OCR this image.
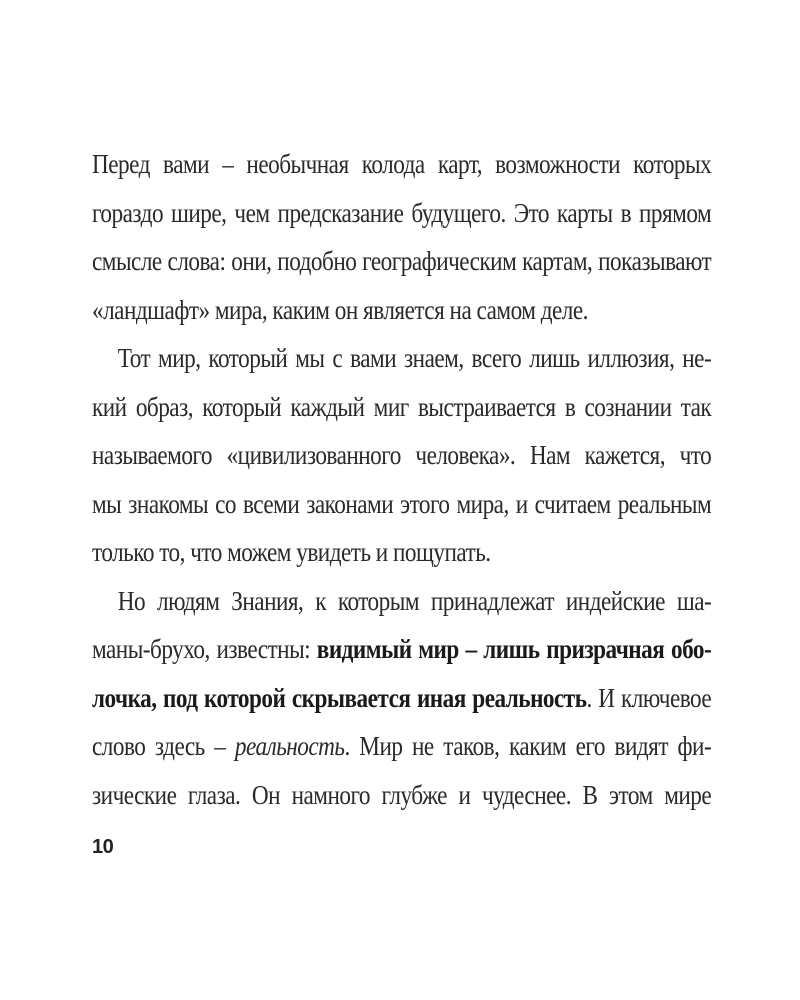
Перед вами – необычная колода карт, возможности которых
гораздо шире, чем предсказание будущего. Это карты в прямом
смысле слова: они, подобно географическим картам, показывают
«ландшафт» мира, каким он является на самом деле.
Тот мир, который мы с вами знаем, всего лишь иллюзия, не-
кий образ, который каждый миг выстраивается в сознании так
называемого «цивилизованного человека». Нам кажется, что
мы знакомы со всеми законами этого мира, и считаем реальным
только то, что можем увидеть и пощупать.
Но людям Знания, к которым принадлежат индейские ша-
маны-брухо, известны: видимый мир – лишь призрачная обо-
лочка, под которой скрывается иная реальность. И ключевое
слово здесь – реальность. Мир не таков, каким его видят фи-
зические глаза. Он намного глубже и чудеснее. В этом мире
10
